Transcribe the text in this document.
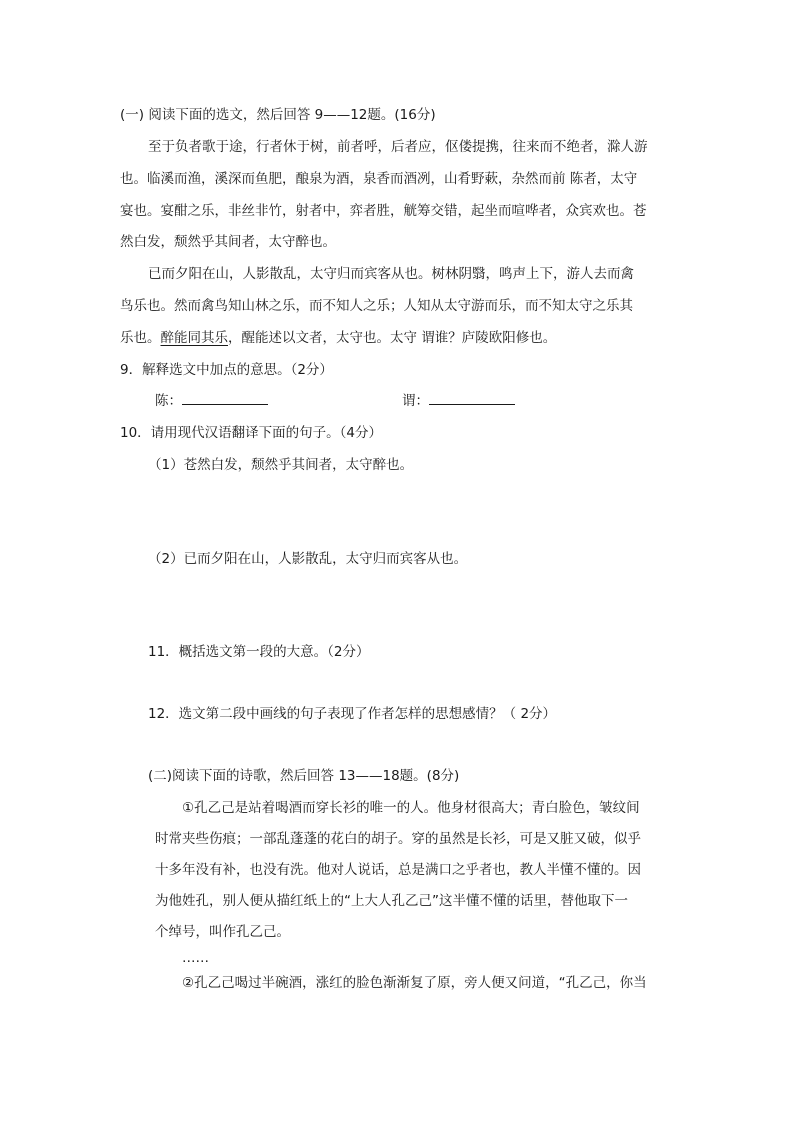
(一) 阅读下面的选文，然后回答 9——12题。(16分)
至于负者歌于途，行者休于树，前者呼，后者应，伛偻提携，往来而不绝者，滁人游
也。临溪而渔，溪深而鱼肥，酿泉为酒，泉香而酒冽，山肴野蔌，杂然而前 陈者，太守
宴也。宴酣之乐，非丝非竹，射者中，弈者胜，觥筹交错，起坐而喧哗者，众宾欢也。苍
然白发，颓然乎其间者，太守醉也。
已而夕阳在山，人影散乱，太守归而宾客从也。树林阴翳，鸣声上下，游人去而禽
鸟乐也。然而禽鸟知山林之乐，而不知人之乐；人知从太守游而乐，而不知太守之乐其
乐也。醉能同其乐，醒能述以文者，太守也。太守 谓谁？庐陵欧阳修也。
9．解释选文中加点的意思。（2分）
陈：	谓：
10．请用现代汉语翻译下面的句子。（4分）
（1）苍然白发，颓然乎其间者，太守醉也。
（2）已而夕阳在山，人影散乱，太守归而宾客从也。
11．概括选文第一段的大意。（2分）
12．选文第二段中画线的句子表现了作者怎样的思想感情？（ 2分）
(二)阅读下面的诗歌，然后回答 13——18题。(8分)
①孔乙己是站着喝酒而穿长衫的唯一的人。他身材很高大；青白脸色，皱纹间
时常夹些伤痕；一部乱蓬蓬的花白的胡子。穿的虽然是长衫，可是又脏又破，似乎
十多年没有补，也没有洗。他对人说话，总是满口之乎者也，教人半懂不懂的。因
为他姓孔，别人便从描红纸上的“上大人孔乙己”这半懂不懂的话里，替他取下一
个绰号，叫作孔乙己。
……
②孔乙己喝过半碗酒，涨红的脸色渐渐复了原，旁人便又问道，“孔乙己，你当
